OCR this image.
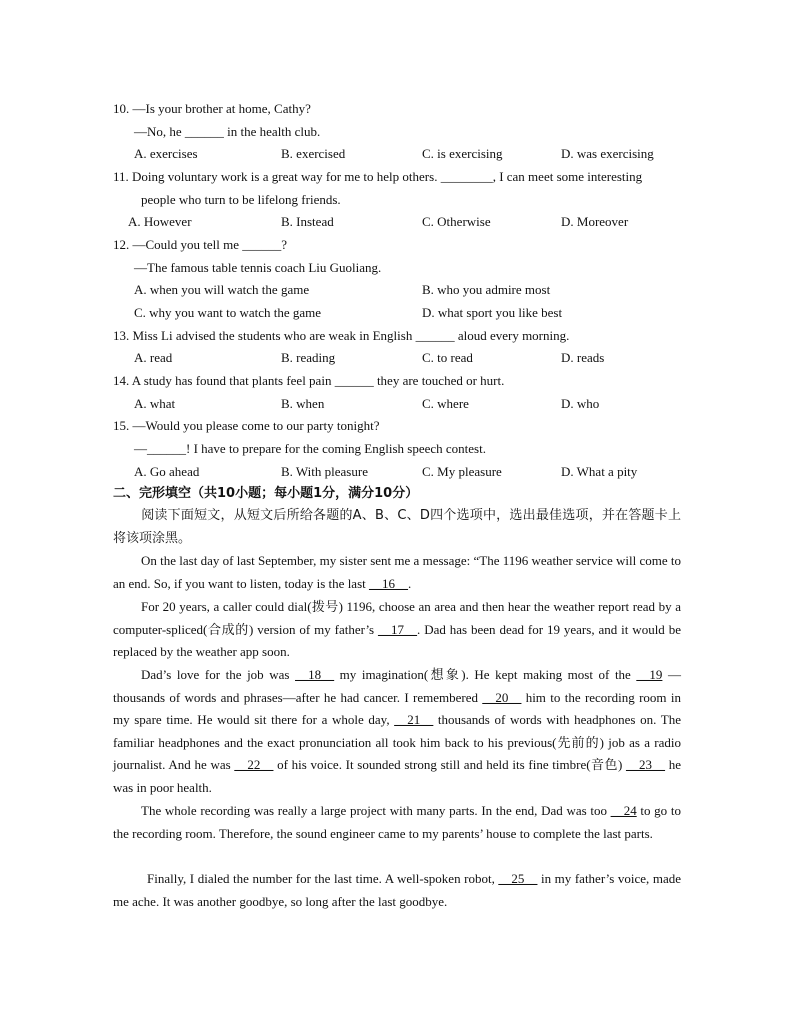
10. —Is your brother at home, Cathy?
—No, he ______ in the health club.
A. exercises	B. exercised	C. is exercising	D. was exercising
11. Doing voluntary work is a great way for me to help others. ________, I can meet some interesting
people who turn to be lifelong friends.
A. However	B. Instead	C. Otherwise	D. Moreover
12. —Could you tell me ______?
—The famous table tennis coach Liu Guoliang.
A. when you will watch the game	B. who you admire most
C. why you want to watch the game	D. what sport you like best
13. Miss Li advised the students who are weak in English ______ aloud every morning.
A. read	B. reading	C. to read	D. reads
14. A study has found that plants feel pain ______ they are touched or hurt.
A. what	B. when	C. where	D. who
15. —Would you please come to our party tonight?
—______! I have to prepare for the coming English speech contest.
A. Go ahead	B. With pleasure	C. My pleasure	D. What a pity
二、完形填空（共10小题；每小题1分，满分10分）
阅读下面短文，从短文后所给各题的A、B、C、D四个选项中，选出最佳选项，并在答题卡上将该项涂黑。
On the last day of last September, my sister sent me a message: “The 1196 weather service will come to an end. So, if you want to listen, today is the last __16__.
For 20 years, a caller could dial(拨号) 1196, choose an area and then hear the weather report read by a computer-spliced(合成的) version of my father’s __17__. Dad has been dead for 19 years, and it would be replaced by the weather app soon.
Dad’s love for the job was __18__ my imagination(想象). He kept making most of the __19 —thousands of words and phrases—after he had cancer. I remembered __20__ him to the recording room in my spare time. He would sit there for a whole day, __21__ thousands of words with headphones on. The familiar headphones and the exact pronunciation all took him back to his previous(先前的) job as a radio journalist. And he was __22__ of his voice. It sounded strong still and held its fine timbre(音色) __23__ he was in poor health.
The whole recording was really a large project with many parts. In the end, Dad was too __24 to go to the recording room. Therefore, the sound engineer came to my parents’ house to complete the last parts.
Finally, I dialed the number for the last time. A well-spoken robot, __25__ in my father’s voice, made me ache. It was another goodbye, so long after the last goodbye.
